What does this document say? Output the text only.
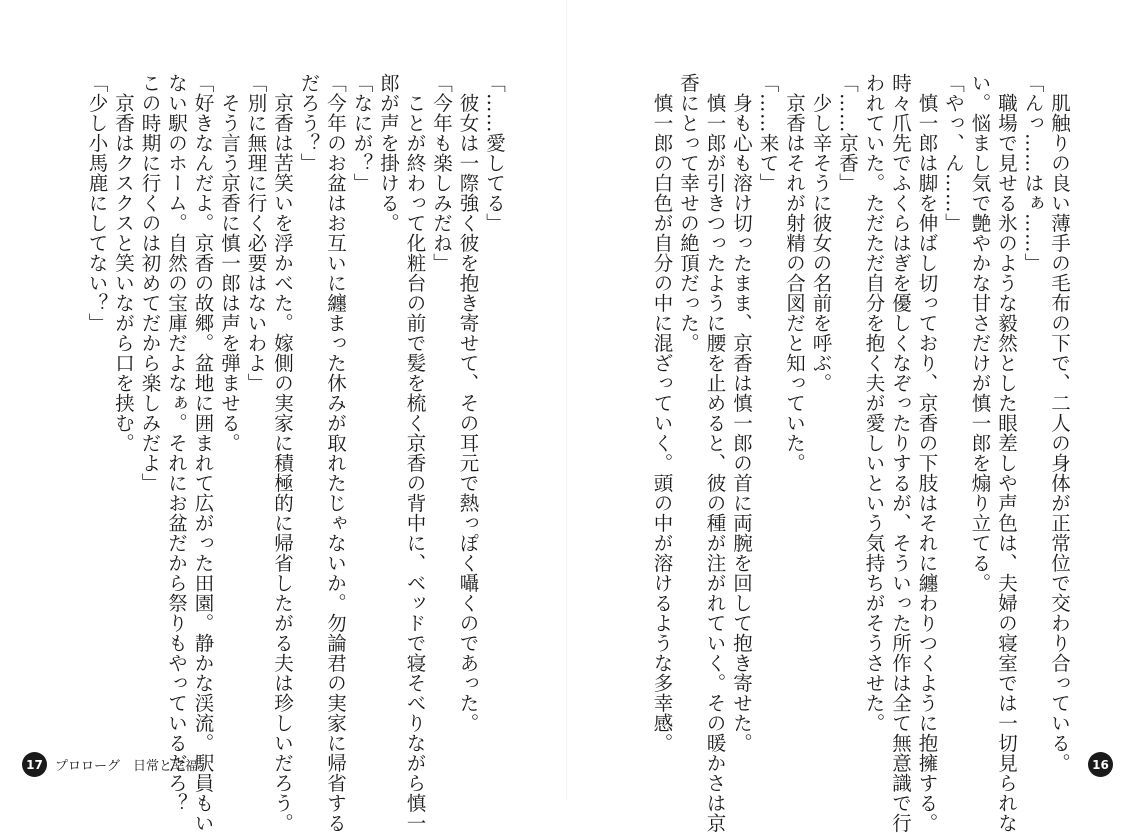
「……愛してる」
　彼女は一際強く彼を抱き寄せて、その耳元で熱っぽく囁くのであった。
「今年も楽しみだね」
　ことが終わって化粧台の前で髪を梳く京香の背中に、ベッドで寝そべりながら慎一
郎が声を掛ける。
「なにが？」
「今年のお盆はお互いに纏まった休みが取れたじゃないか。勿論君の実家に帰省する
だろう？」
　京香は苦笑いを浮かべた。嫁側の実家に積極的に帰省したがる夫は珍しいだろう。
「別に無理に行く必要はないわよ」
　そう言う京香に慎一郎は声を弾ませる。
「好きなんだよ。京香の故郷。盆地に囲まれて広がった田園。静かな渓流。駅員もい
ない駅のホーム。自然の宝庫だよなぁ。それにお盆だから祭りもやっているだろ？
この時期に行くのは初めてだから楽しみだよ」
　京香はクスクスと笑いながら口を挟む。
「少し小馬鹿にしてない？」
17 プロローグ　日常と幸福	　肌触りの良い薄手の毛布の下で、二人の身体が正常位で交わり合っている。
「んっ……はぁ……」
　職場で見せる氷のような毅然とした眼差しや声色は、夫婦の寝室では一切見られな
い。悩まし気で艶やかな甘さだけが慎一郎を煽り立てる。
「やっ、ん……」
　慎一郎は脚を伸ばし切っており、京香の下肢はそれに纏わりつくように抱擁する。
時々爪先でふくらはぎを優しくなぞったりするが、そういった所作は全て無意識で行
われていた。ただただ自分を抱く夫が愛しいという気持ちがそうさせた。
「……京香」
　少し辛そうに彼女の名前を呼ぶ。
　京香はそれが射精の合図だと知っていた。
「……来て」
　身も心も溶け切ったまま、京香は慎一郎の首に両腕を回して抱き寄せた。
　慎一郎が引きつったように腰を止めると、彼の種が注がれていく。その暖かさは京
香にとって幸せの絶頂だった。
　慎一郎の白色が自分の中に混ざっていく。頭の中が溶けるような多幸感。
16
